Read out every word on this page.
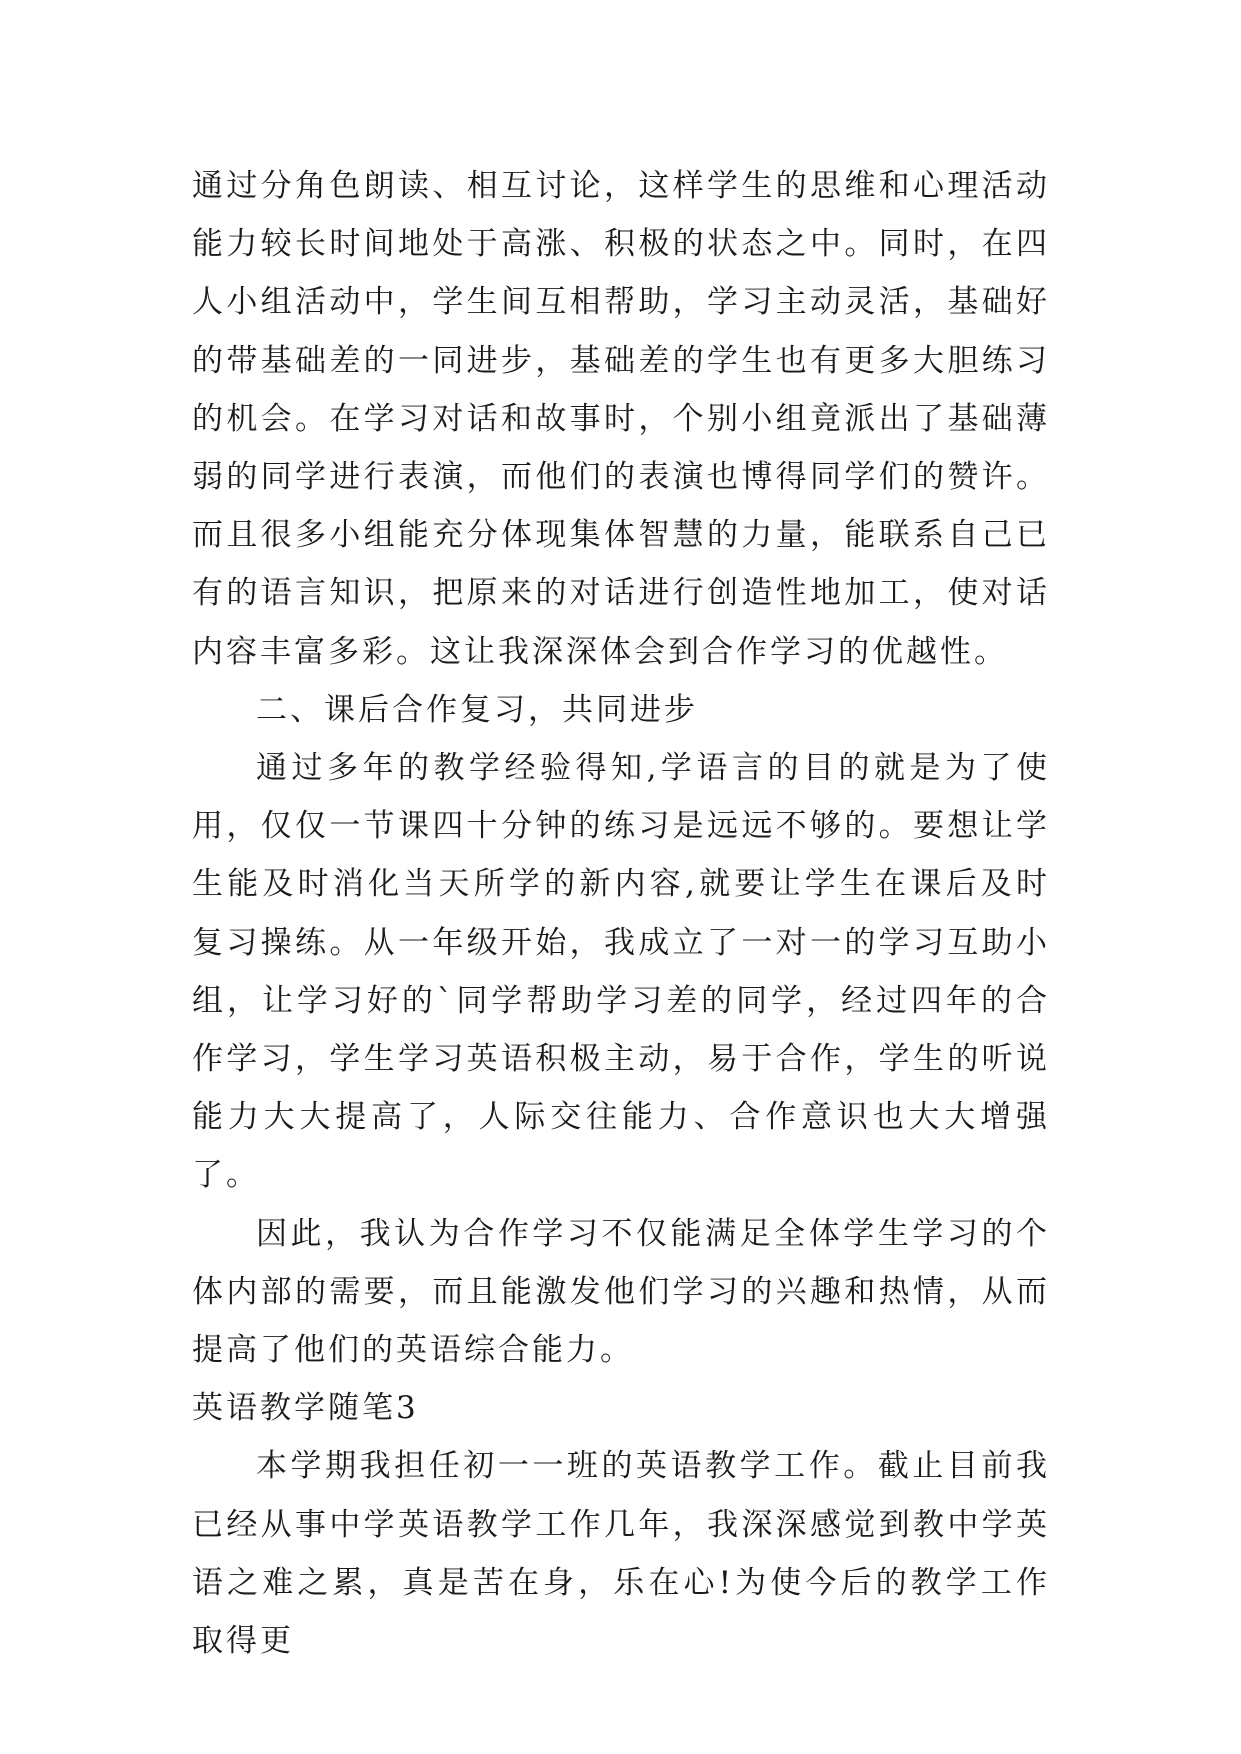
通过分角色朗读、相互讨论，这样学生的思维和心理活动能力较长时间地处于高涨、积极的状态之中。同时，在四人小组活动中，学生间互相帮助，学习主动灵活，基础好的带基础差的一同进步，基础差的学生也有更多大胆练习的机会。在学习对话和故事时，个别小组竟派出了基础薄弱的同学进行表演，而他们的表演也博得同学们的赞许。而且很多小组能充分体现集体智慧的力量，能联系自己已有的语言知识，把原来的对话进行创造性地加工，使对话内容丰富多彩。这让我深深体会到合作学习的优越性。

二、课后合作复习，共同进步

通过多年的教学经验得知,学语言的目的就是为了使用，仅仅一节课四十分钟的练习是远远不够的。要想让学生能及时消化当天所学的新内容,就要让学生在课后及时复习操练。从一年级开始，我成立了一对一的学习互助小组，让学习好的`同学帮助学习差的同学，经过四年的合作学习，学生学习英语积极主动，易于合作，学生的听说能力大大提高了，人际交往能力、合作意识也大大增强了。

因此，我认为合作学习不仅能满足全体学生学习的个体内部的需要，而且能激发他们学习的兴趣和热情，从而提高了他们的英语综合能力。

英语教学随笔3

本学期我担任初一一班的英语教学工作。截止目前我已经从事中学英语教学工作几年，我深深感觉到教中学英语之难之累，真是苦在身，乐在心!为使今后的教学工作取得更
